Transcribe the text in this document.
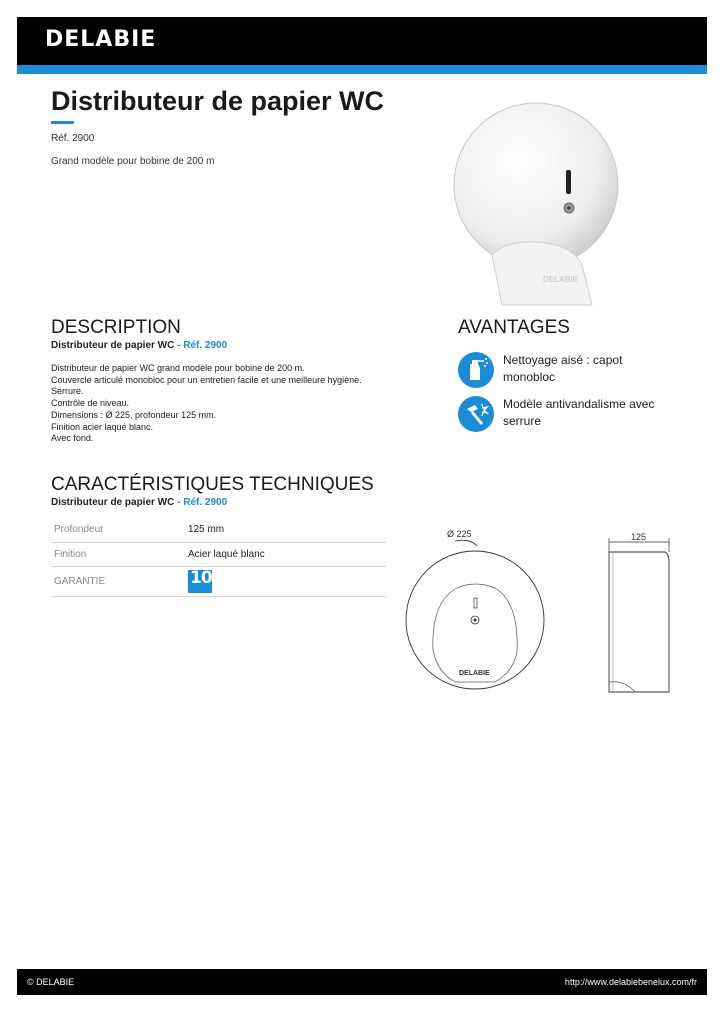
DELABIE
Distributeur de papier WC
Réf. 2900
Grand modèle pour bobine de 200 m
DELABIE
DESCRIPTION
Distributeur de papier WC - Réf. 2900
Distributeur de papier WC grand modèle pour bobine de 200 m.
Couvercle articulé monobloc pour un entretien facile et une meilleure hygiène.
Serrure.
Contrôle de niveau.
Dimensions : Ø 225, profondeur 125 mm.
Finition acier laqué blanc.
Avec fond.
AVANTAGES
Nettoyage aisé : capot
monobloc
Modèle antivandalisme avec
serrure
CARACTÉRISTIQUES TECHNIQUES
Distributeur de papier WC - Réf. 2900
Profondeur	125 mm
Finition	Acier laqué blanc
GARANTIE	10
Ø 225
DELABIE
125
© DELABIE	http://www.delabiebenelux.com/fr
